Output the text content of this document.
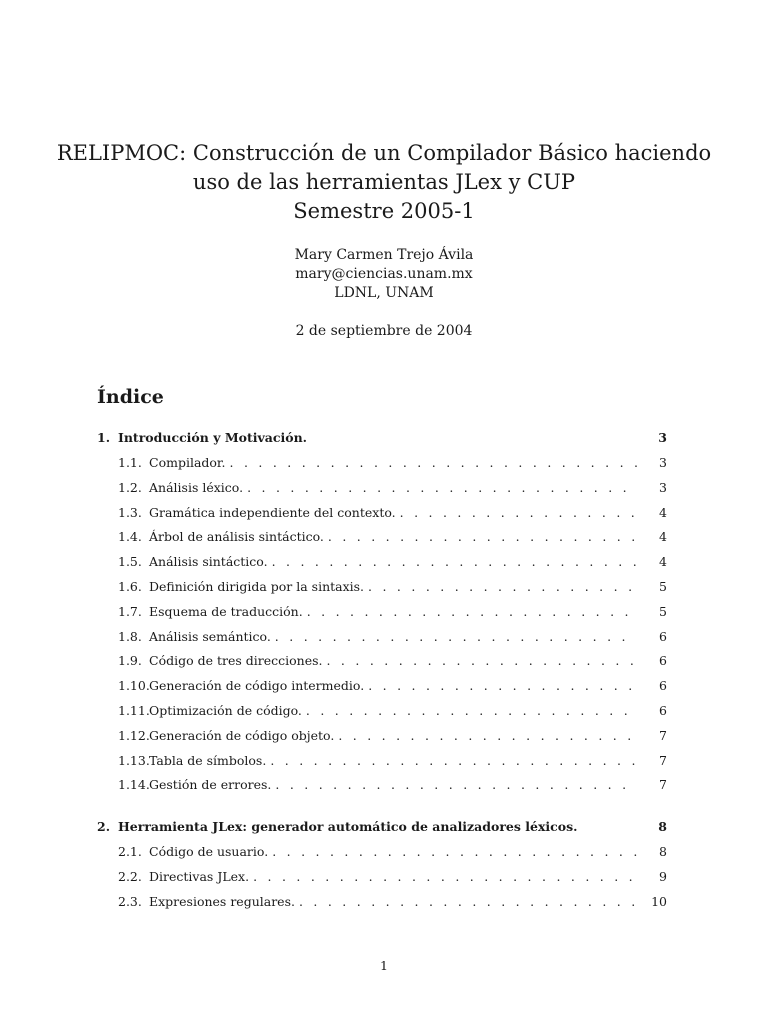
RELIPMOC: Construcción de un Compilador Básico haciendo
uso de las herramientas JLex y CUP
Semestre 2005-1
Mary Carmen Trejo Ávila
mary@ciencias.unam.mx
LDNL, UNAM
2 de septiembre de 2004
Índice
1. Introducción y Motivación.	3
1.1. Compilador. . . .	3
1.2. Análisis léxico. . . .	3
1.3. Gramática independiente del contexto. . . .	4
1.4. Árbol de análisis sintáctico. . . .	4
1.5. Análisis sintáctico. . . .	4
1.6. Definición dirigida por la sintaxis. . . .	5
1.7. Esquema de traducción. . . .	5
1.8. Análisis semántico. . . .	6
1.9. Código de tres direcciones. . . .	6
1.10. Generación de código intermedio. . . .	6
1.11. Optimización de código. . . .	6
1.12. Generación de código objeto. . . .	7
1.13. Tabla de símbolos. . . .	7
1.14. Gestión de errores. . . .	7
2. Herramienta JLex: generador automático de analizadores léxicos.	8
2.1. Código de usuario. . . .	8
2.2. Directivas JLex. . . .	9
2.3. Expresiones regulares. . . .	10
1
